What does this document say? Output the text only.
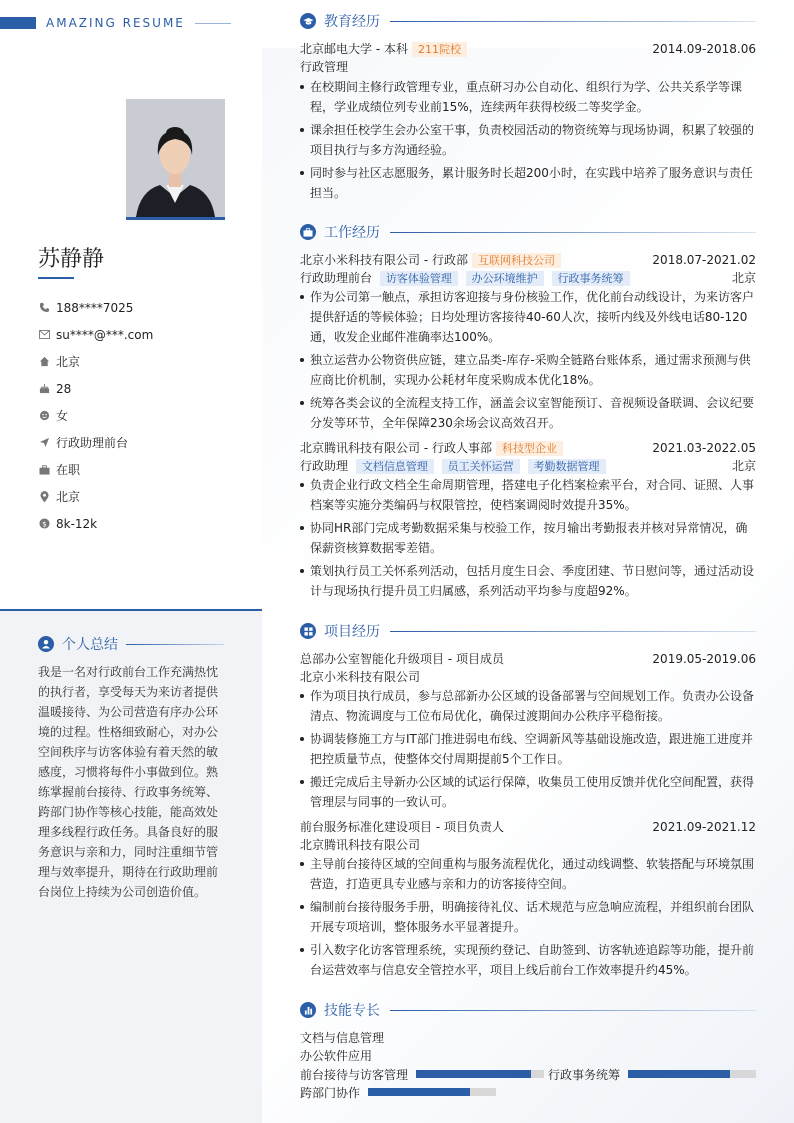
AMAZING RESUME
苏静静
188****7025
su****@***.com
北京
28
女
行政助理前台
在职
北京
$ 8k-12k
个人总结
我是一名对行政前台工作充满热忱的执行者，享受每天为来访者提供温暖接待、为公司营造有序办公环境的过程。性格细致耐心，对办公空间秩序与访客体验有着天然的敏感度，习惯将每件小事做到位。熟练掌握前台接待、行政事务统筹、跨部门协作等核心技能，能高效处理多线程行政任务。具备良好的服务意识与亲和力，同时注重细节管理与效率提升，期待在行政助理前台岗位上持续为公司创造价值。
教育经历
北京邮电大学 - 本科 211院校	2014.09-2018.06
行政管理
在校期间主修行政管理专业，重点研习办公自动化、组织行为学、公共关系学等课程，学业成绩位列专业前15%，连续两年获得校级二等奖学金。
课余担任校学生会办公室干事，负责校园活动的物资统筹与现场协调，积累了较强的项目执行与多方沟通经验。
同时参与社区志愿服务，累计服务时长超200小时，在实践中培养了服务意识与责任担当。
工作经历
北京小米科技有限公司 - 行政部 互联网科技公司	2018.07-2021.02
行政助理前台 访客体验管理 办公环境维护 行政事务统筹	北京
作为公司第一触点，承担访客迎接与身份核验工作，优化前台动线设计，为来访客户提供舒适的等候体验；日均处理访客接待40-60人次，接听内线及外线电话80-120通，收发企业邮件准确率达100%。
独立运营办公物资供应链，建立品类-库存-采购全链路台账体系，通过需求预测与供应商比价机制，实现办公耗材年度采购成本优化18%。
统筹各类会议的全流程支持工作，涵盖会议室智能预订、音视频设备联调、会议纪要分发等环节，全年保障230余场会议高效召开。
北京腾讯科技有限公司 - 行政人事部 科技型企业	2021.03-2022.05
行政助理 文档信息管理 员工关怀运营 考勤数据管理	北京
负责企业行政文档全生命周期管理，搭建电子化档案检索平台，对合同、证照、人事档案等实施分类编码与权限管控，使档案调阅时效提升35%。
协同HR部门完成考勤数据采集与校验工作，按月输出考勤报表并核对异常情况，确保薪资核算数据零差错。
策划执行员工关怀系列活动，包括月度生日会、季度团建、节日慰问等，通过活动设计与现场执行提升员工归属感，系列活动平均参与度超92%。
项目经历
总部办公室智能化升级项目 - 项目成员	2019.05-2019.06
北京小米科技有限公司
作为项目执行成员，参与总部新办公区域的设备部署与空间规划工作。负责办公设备清点、物流调度与工位布局优化，确保过渡期间办公秩序平稳衔接。
协调装修施工方与IT部门推进弱电布线、空调新风等基础设施改造，跟进施工进度并把控质量节点，使整体交付周期提前5个工作日。
搬迁完成后主导新办公区域的试运行保障，收集员工使用反馈并优化空间配置，获得管理层与同事的一致认可。
前台服务标准化建设项目 - 项目负责人	2021.09-2021.12
北京腾讯科技有限公司
主导前台接待区域的空间重构与服务流程优化，通过动线调整、软装搭配与环境氛围营造，打造更具专业感与亲和力的访客接待空间。
编制前台接待服务手册，明确接待礼仪、话术规范与应急响应流程，并组织前台团队开展专项培训，整体服务水平显著提升。
引入数字化访客管理系统，实现预约登记、自助签到、访客轨迹追踪等功能，提升前台运营效率与信息安全管控水平，项目上线后前台工作效率提升约45%。
技能专长
文档与信息管理
办公软件应用
前台接待与访客管理	行政事务统筹
跨部门协作
